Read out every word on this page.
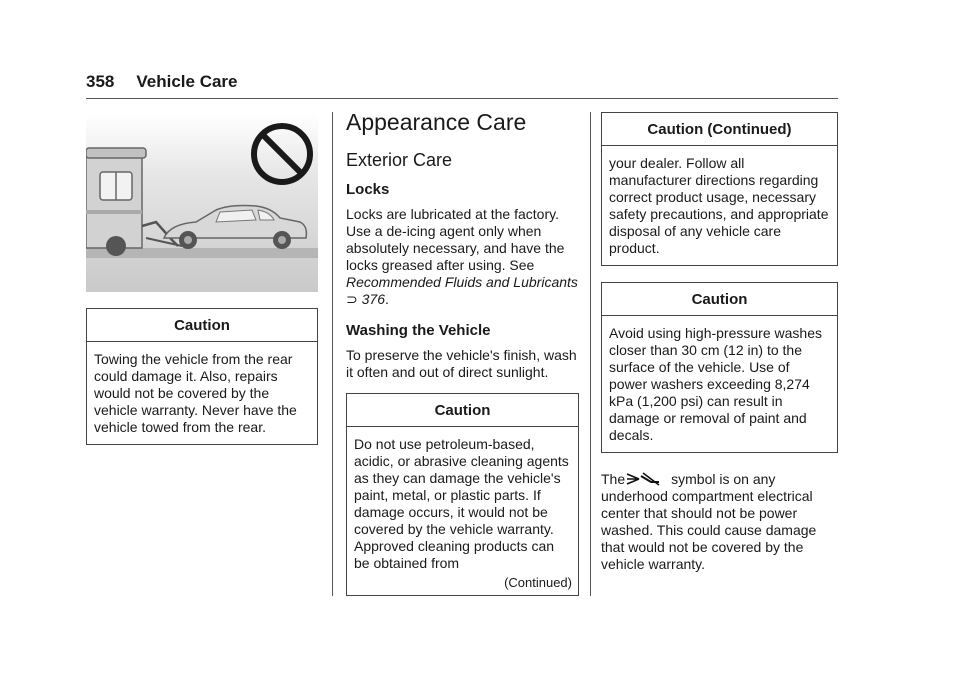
358 Vehicle Care
Caution
Towing the vehicle from the rear could damage it. Also, repairs would not be covered by the vehicle warranty. Never have the vehicle towed from the rear.
Appearance Care
Exterior Care
Locks

Locks are lubricated at the factory. Use a de-icing agent only when absolutely necessary, and have the locks greased after using. See
Recommended Fluids and Lubricants ⊃ 376.

Washing the Vehicle

To preserve the vehicle's finish, wash it often and out of direct sunlight.

Caution
Do not use petroleum-based, acidic, or abrasive cleaning agents as they can damage the vehicle's paint, metal, or plastic parts. If damage occurs, it would not be covered by the vehicle warranty. Approved cleaning products can be obtained from
(Continued)
Caution (Continued)
your dealer. Follow all manufacturer directions regarding correct product usage, necessary safety precautions, and appropriate disposal of any vehicle care product.
Caution
Avoid using high-pressure washes closer than 30 cm (12 in) to the surface of the vehicle. Use of power washers exceeding 8,274 kPa (1,200 psi) can result in damage or removal of paint and decals.

The	symbol is on any underhood compartment electrical center that should not be power washed. This could cause damage that would not be covered by the vehicle warranty.
